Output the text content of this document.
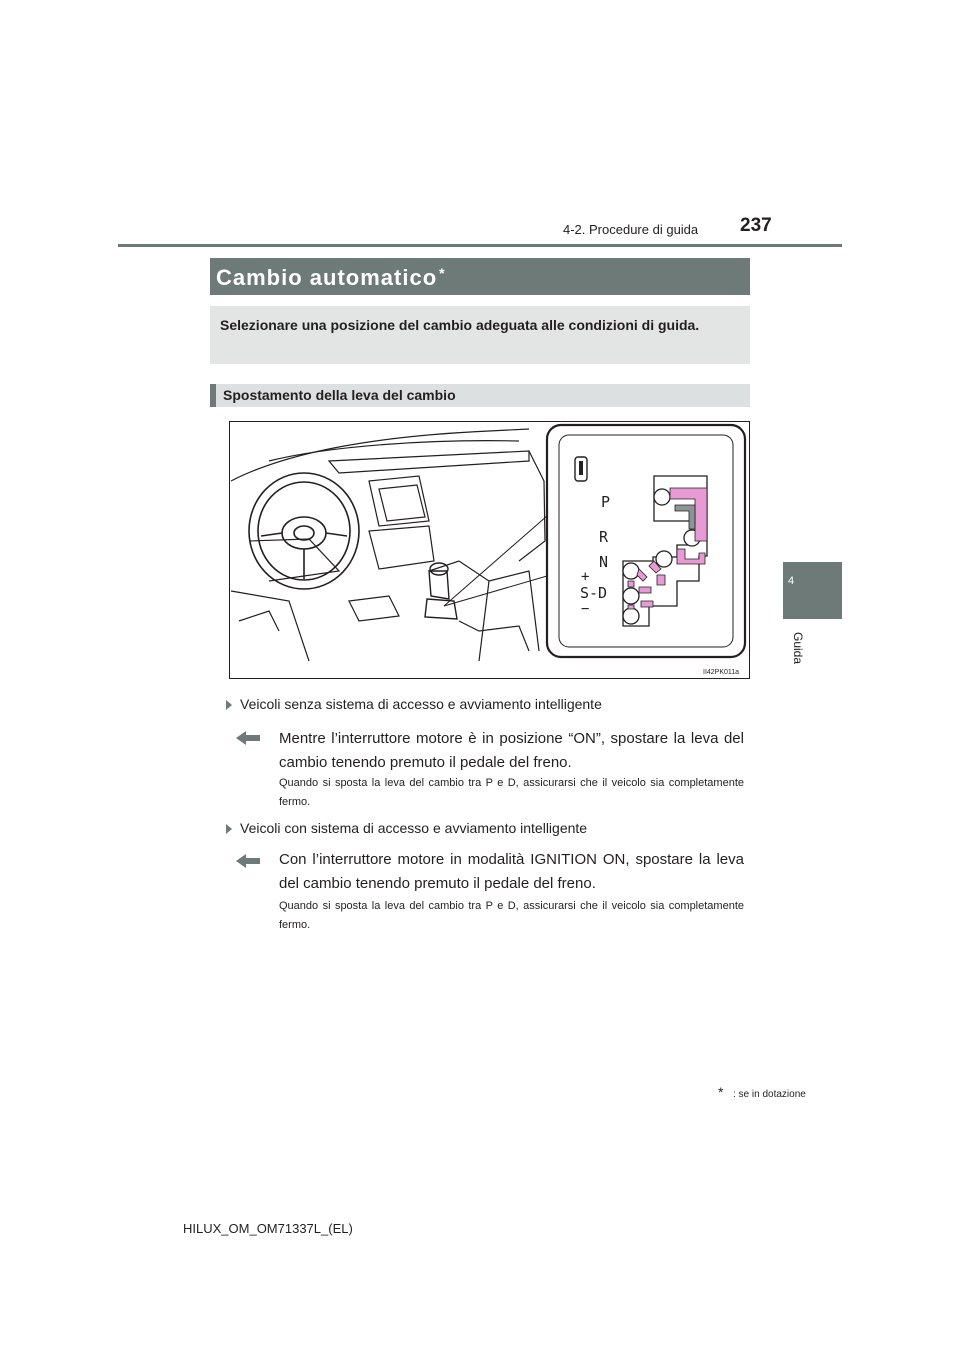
237
4-2. Procedure di guida
4
Guida
Cambio automatico *
Selezionare una posizione del cambio adeguata alle condizioni di guida.
Spostamento della leva del cambio
P
R
N
+
S-D
−
II42PK011a
Veicoli senza sistema di accesso e avviamento intelligente
Mentre l’interruttore motore è in posizione “ON”, spostare la leva del cambio tenendo premuto il pedale del freno.
Quando si sposta la leva del cambio tra P e D, assicurarsi che il veicolo sia completamente fermo.
Veicoli con sistema di accesso e avviamento intelligente
Con l’interruttore motore in modalità IGNITION ON, spostare la leva del cambio tenendo premuto il pedale del freno.
Quando si sposta la leva del cambio tra P e D, assicurarsi che il veicolo sia completamente fermo.
* : se in dotazione
HILUX_OM_OM71337L_(EL)
